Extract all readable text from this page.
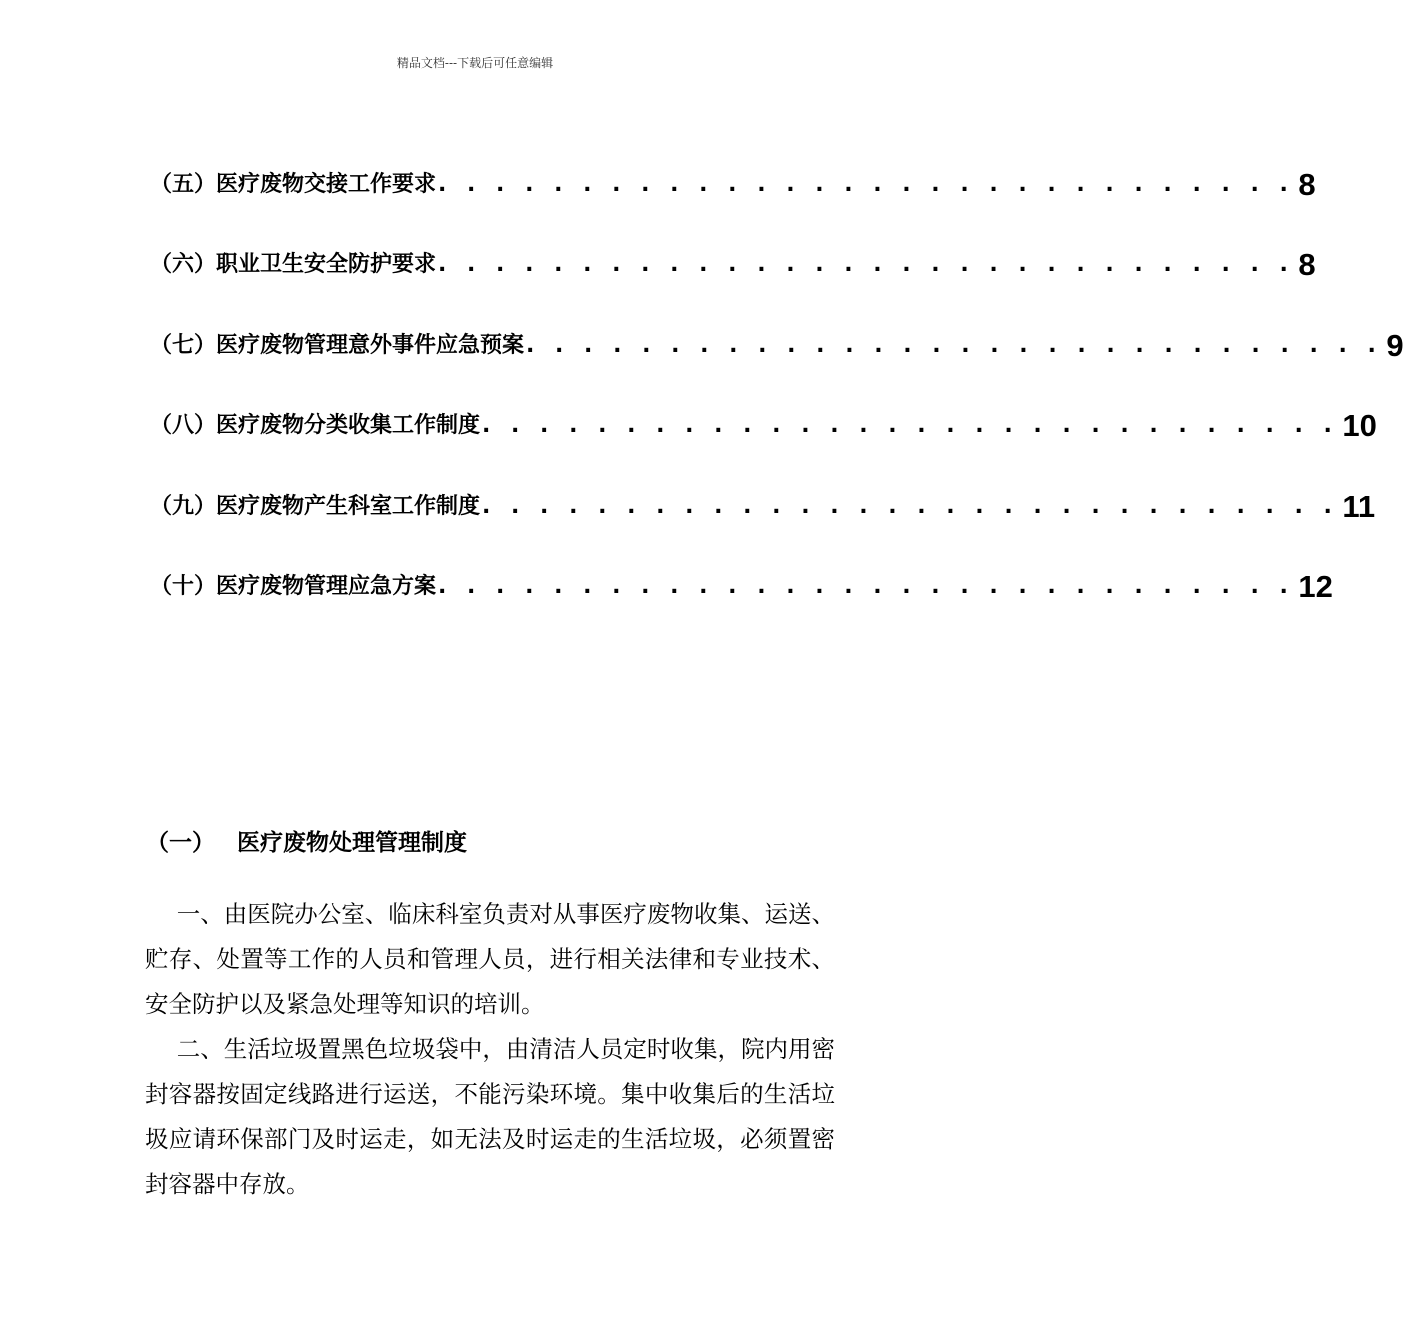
精品文档---下载后可任意编辑
（五）医疗废物交接工作要求 . . . . . . . . . . . . . . . . . . . . . . . . . . . . . . 8
（六）职业卫生安全防护要求 . . . . . . . . . . . . . . . . . . . . . . . . . . . . . . 8
（七）医疗废物管理意外事件应急预案 . . . . . . . . . . . . . . . . . . . . . . . . . . . . . . 9
（八）医疗废物分类收集工作制度 . . . . . . . . . . . . . . . . . . . . . . . . . . . . . . 10
（九）医疗废物产生科室工作制度 . . . . . . . . . . . . . . . . . . . . . . . . . . . . . . 11
（十）医疗废物管理应急方案 . . . . . . . . . . . . . . . . . . . . . . . . . . . . . . 12
（一） 医疗废物处理管理制度

一、由医院办公室、临床科室负责对从事医疗废物收集、运送、贮存、处置等工作的人员和管理人员，进行相关法律和专业技术、安全防护以及紧急处理等知识的培训。

二、生活垃圾置黑色垃圾袋中，由清洁人员定时收集，院内用密封容器按固定线路进行运送，不能污染环境。集中收集后的生活垃圾应请环保部门及时运走，如无法及时运走的生活垃圾，必须置密封容器中存放。
